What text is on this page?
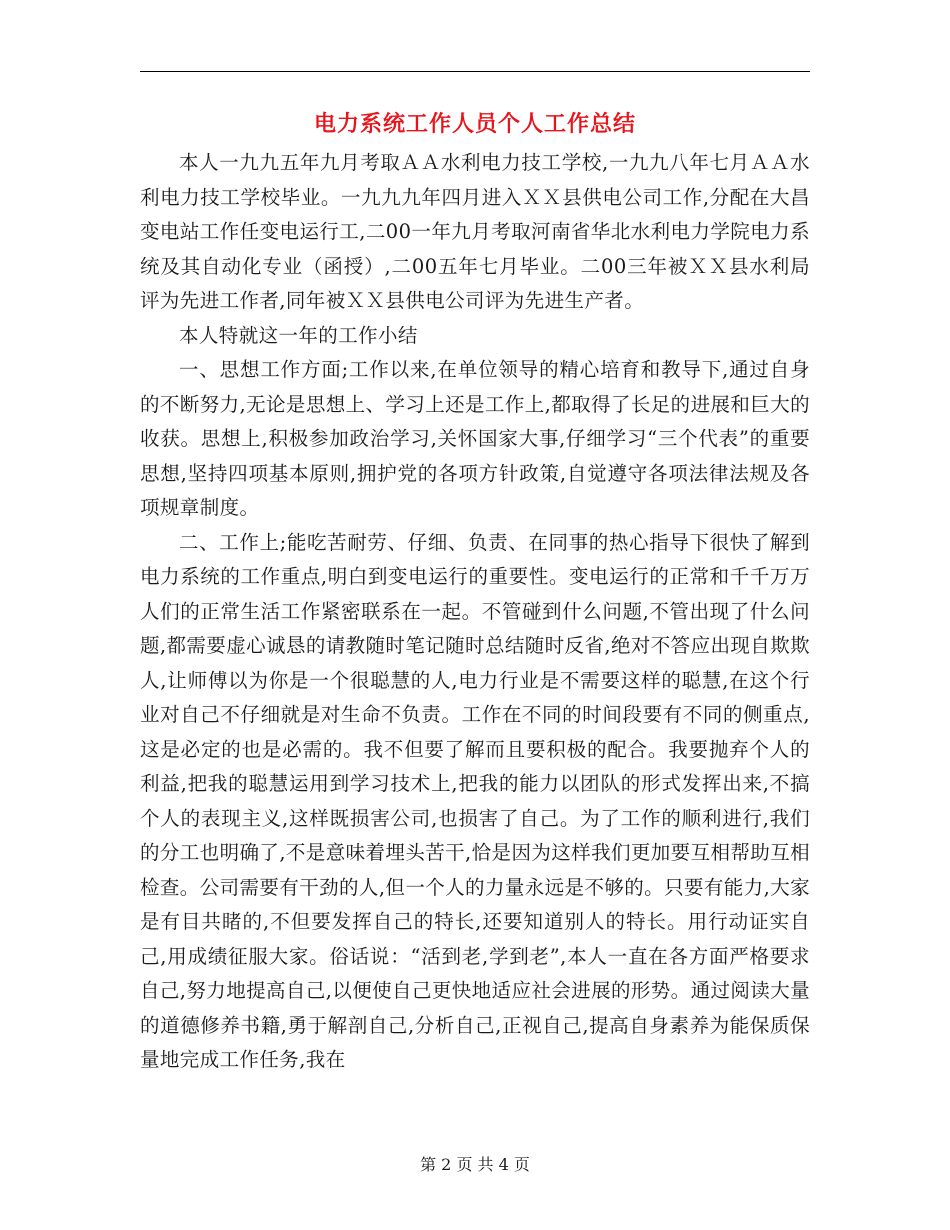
电力系统工作人员个人工作总结

本人一九九五年九月考取ＡＡ水利电力技工学校,一九九八年七月ＡＡ水利电力技工学校毕业。一九九九年四月进入ＸＸ县供电公司工作,分配在大昌变电站工作任变电运行工,二00一年九月考取河南省华北水利电力学院电力系统及其自动化专业（函授）,二00五年七月毕业。二00三年被ＸＸ县水利局评为先进工作者,同年被ＸＸ县供电公司评为先进生产者。

本人特就这一年的工作小结

一、思想工作方面;工作以来,在单位领导的精心培育和教导下,通过自身的不断努力,无论是思想上、学习上还是工作上,都取得了长足的进展和巨大的收获。思想上,积极参加政治学习,关怀国家大事,仔细学习“三个代表”的重要思想,坚持四项基本原则,拥护党的各项方针政策,自觉遵守各项法律法规及各项规章制度。

二、工作上;能吃苦耐劳、仔细、负责、在同事的热心指导下很快了解到电力系统的工作重点,明白到变电运行的重要性。变电运行的正常和千千万万人们的正常生活工作紧密联系在一起。不管碰到什么问题,不管出现了什么问题,都需要虚心诚恳的请教随时笔记随时总结随时反省,绝对不答应出现自欺欺人,让师傅以为你是一个很聪慧的人,电力行业是不需要这样的聪慧,在这个行业对自己不仔细就是对生命不负责。工作在不同的时间段要有不同的侧重点,这是必定的也是必需的。我不但要了解而且要积极的配合。我要抛弃个人的利益,把我的聪慧运用到学习技术上,把我的能力以团队的形式发挥出来,不搞个人的表现主义,这样既损害公司,也损害了自己。为了工作的顺利进行,我们的分工也明确了,不是意味着埋头苦干,恰是因为这样我们更加要互相帮助互相检查。公司需要有干劲的人,但一个人的力量永远是不够的。只要有能力,大家是有目共睹的,不但要发挥自己的特长,还要知道别人的特长。用行动证实自己,用成绩征服大家。俗话说：“活到老,学到老”,本人一直在各方面严格要求自己,努力地提高自己,以便使自己更快地适应社会进展的形势。通过阅读大量的道德修养书籍,勇于解剖自己,分析自己,正视自己,提高自身素养为能保质保量地完成工作任务,我在

第 2 页 共 4 页
